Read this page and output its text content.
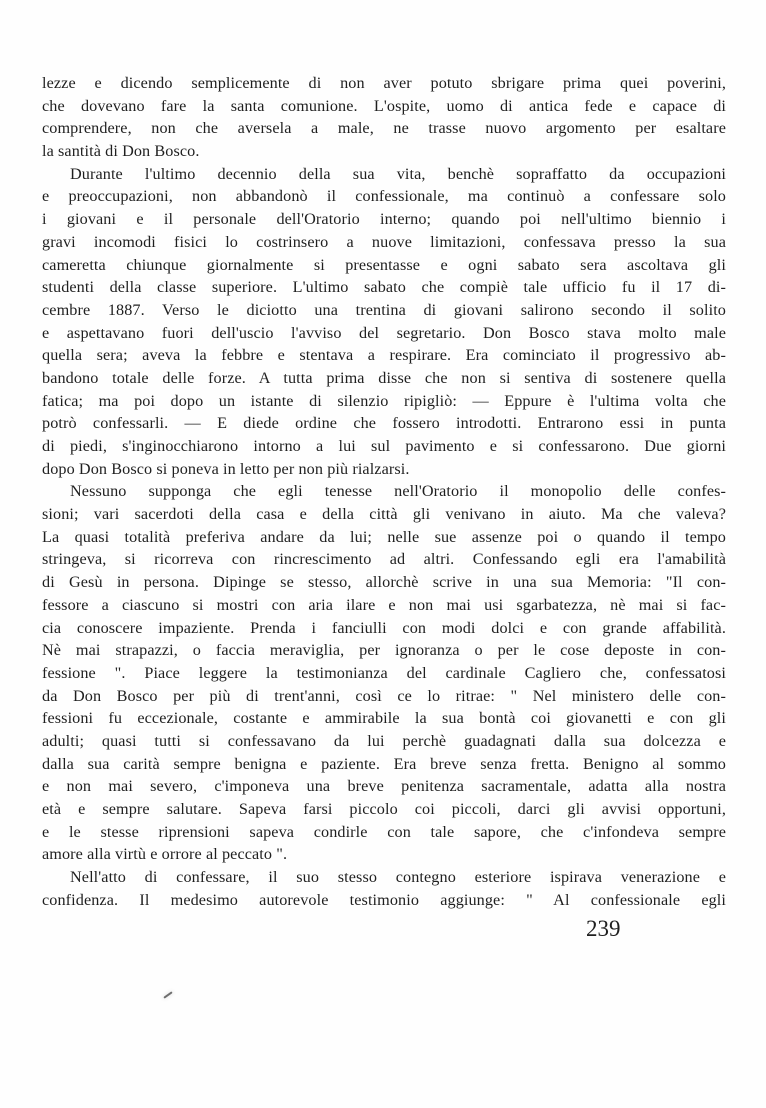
lezze e dicendo semplicemente di non aver potuto sbrigare prima quei poverini,
che dovevano fare la santa comunione. L'ospite, uomo di antica fede e capace di
comprendere, non che aversela a male, ne trasse nuovo argomento per esaltare
la santità di Don Bosco.
Durante l'ultimo decennio della sua vita, benchè sopraffatto da occupazioni
e preoccupazioni, non abbandonò il confessionale, ma continuò a confessare solo
i giovani e il personale dell'Oratorio interno; quando poi nell'ultimo biennio i
gravi incomodi fisici lo costrinsero a nuove limitazioni, confessava presso la sua
cameretta chiunque giornalmente si presentasse e ogni sabato sera ascoltava gli
studenti della classe superiore. L'ultimo sabato che compiè tale ufficio fu il 17 di-
cembre 1887. Verso le diciotto una trentina di giovani salirono secondo il solito
e aspettavano fuori dell'uscio l'avviso del segretario. Don Bosco stava molto male
quella sera; aveva la febbre e stentava a respirare. Era cominciato il progressivo ab-
bandono totale delle forze. A tutta prima disse che non si sentiva di sostenere quella
fatica; ma poi dopo un istante di silenzio ripigliò: — Eppure è l'ultima volta che
potrò confessarli. — E diede ordine che fossero introdotti. Entrarono essi in punta
di piedi, s'inginocchiarono intorno a lui sul pavimento e si confessarono. Due giorni
dopo Don Bosco si poneva in letto per non più rialzarsi.
Nessuno supponga che egli tenesse nell'Oratorio il monopolio delle confes-
sioni; vari sacerdoti della casa e della città gli venivano in aiuto. Ma che valeva?
La quasi totalità preferiva andare da lui; nelle sue assenze poi o quando il tempo
stringeva, si ricorreva con rincrescimento ad altri. Confessando egli era l'amabilità
di Gesù in persona. Dipinge se stesso, allorchè scrive in una sua Memoria: "Il con-
fessore a ciascuno si mostri con aria ilare e non mai usi sgarbatezza, nè mai si fac-
cia conoscere impaziente. Prenda i fanciulli con modi dolci e con grande affabilità.
Nè mai strapazzi, o faccia meraviglia, per ignoranza o per le cose deposte in con-
fessione ". Piace leggere la testimonianza del cardinale Cagliero che, confessatosi
da Don Bosco per più di trent'anni, così ce lo ritrae: " Nel ministero delle con-
fessioni fu eccezionale, costante e ammirabile la sua bontà coi giovanetti e con gli
adulti; quasi tutti si confessavano da lui perchè guadagnati dalla sua dolcezza e
dalla sua carità sempre benigna e paziente. Era breve senza fretta. Benigno al sommo
e non mai severo, c'imponeva una breve penitenza sacramentale, adatta alla nostra
età e sempre salutare. Sapeva farsi piccolo coi piccoli, darci gli avvisi opportuni,
e le stesse riprensioni sapeva condirle con tale sapore, che c'infondeva sempre
amore alla virtù e orrore al peccato ".
Nell'atto di confessare, il suo stesso contegno esteriore ispirava venerazione e
confidenza. Il medesimo autorevole testimonio aggiunge: " Al confessionale egli
239
